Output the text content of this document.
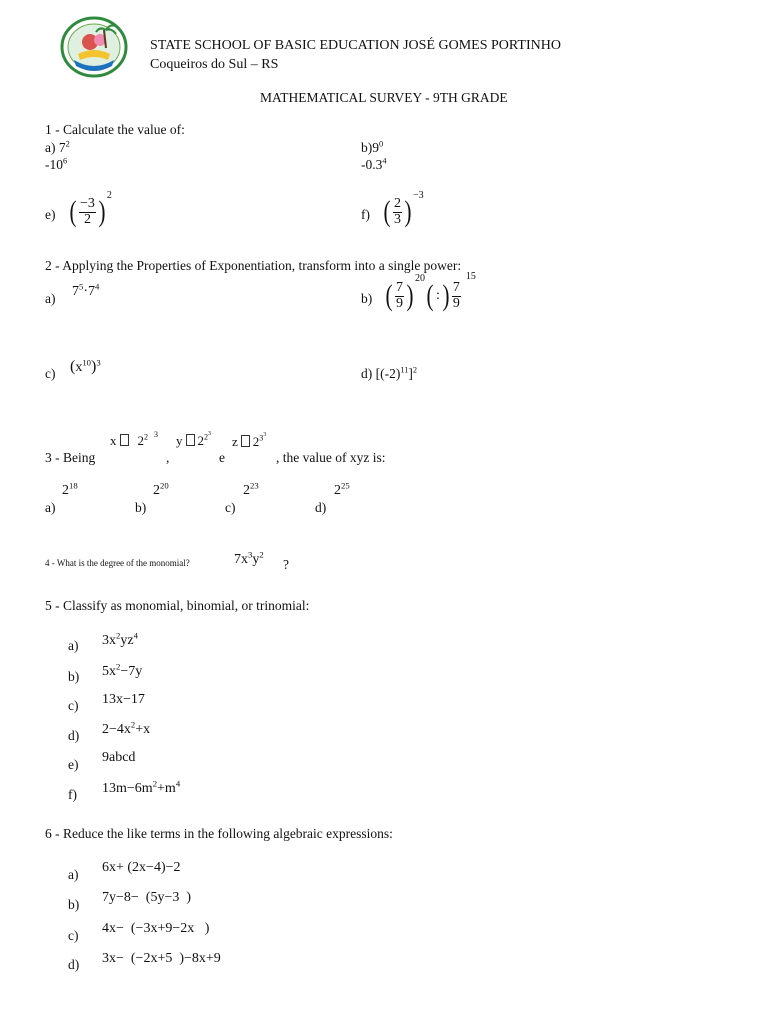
STATE SCHOOL OF BASIC EDUCATION JOSÉ GOMES PORTINHO
Coqueiros do Sul – RS
MATHEMATICAL SURVEY - 9TH GRADE
1 - Calculate the value of:
a) $7^2$	$b)9^0$
$-10^6$	$-0.3^4$
e) ( $\frac{-3}{2}$ ) 2
f) ( $\frac{2}{3}$ ) −3
2 - Applying the Properties of Exponentiation, transform into a single power:
a) $7^5\cdot 7^4$
b) ( $\frac{7}{9}$ )
20
( : ) $\frac{7}{9}$
15
c) $(x^{10})^3$
d) $[(-2)^{11}]^2$
x $2^2$ $^3$ y $2^{23}$ z $2^{33}$
3 - Being	,	e	, the value of xyz is:
$2^{18}$	$2^{20}$	$2^{23}$	$2^{25}$
a)	b)	c)	d)
4 - What is the degree of the monomial?	$7x^3y^2$
?
5 - Classify as monomial, binomial, or trinomial:
a) $3x^2yz^4$
b) $5x^2-7y$
c) 13x−17
d) $2-4x^2+x$
e) 9abcd
f) $13m-6m^2+m^4$
6 - Reduce the like terms in the following algebraic expressions:
a) 6x+ (2x−4)−2
b) 7y−8−  (5y−3  )
c) 4x−  (−3x+9−2x   )
d) 3x−  (−2x+5  )−8x+9
